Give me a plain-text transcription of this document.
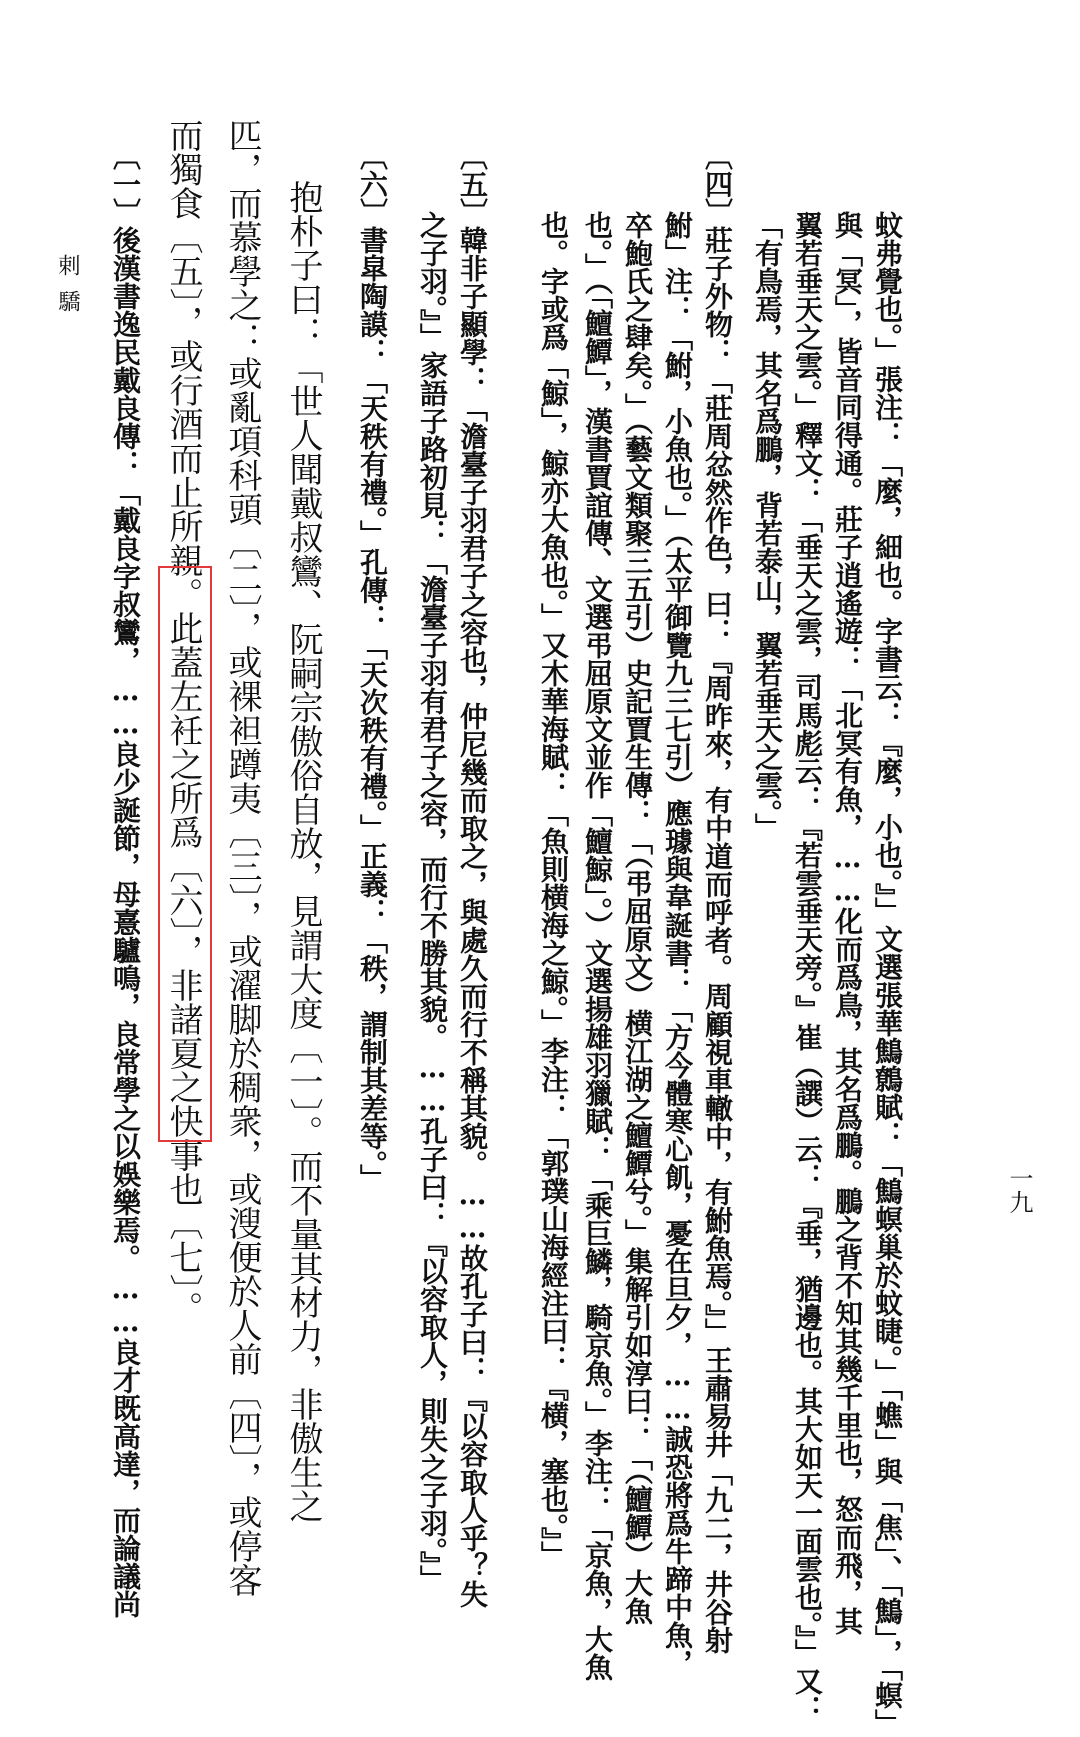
剌驕
一九
蚊弗覺也。」張注：「麼，細也。字書云：『麼，小也。』」文選張華鷦鷯賦：「鷦螟巢於蚊睫。」「蟭」與「焦」、「鷦」，「螟」
與「冥」，皆音同得通。莊子逍遙遊：「北冥有魚，……化而爲鳥，其名爲鵬。鵬之背不知其幾千里也，怒而飛，其
翼若垂天之雲。」釋文：「垂天之雲，司馬彪云：『若雲垂天旁。』崔（譔）云：『垂，猶邊也。其大如天一面雲也。』」又：
「有鳥焉，其名爲鵬，背若泰山，翼若垂天之雲。」
〔四〕莊子外物：「莊周忿然作色，曰：『周昨來，有中道而呼者。周顧視車轍中，有鮒魚焉。』」王肅易井「九二，井谷射
鮒」注：「鮒，小魚也。」（太平御覽九三七引）應璩與韋誕書：「方今體寒心飢，憂在旦夕，……誠恐將爲牛蹄中魚，
卒鮑氏之肆矣。」（藝文類聚三五引）史記賈生傳：「（弔屈原文）横江湖之鱣鱏兮。」集解引如淳曰：「（鱣鱏）大魚
也。」（「鱣鱏」，漢書賈誼傳、文選弔屈原文並作「鱣鯨」。）文選揚雄羽獵賦：「乘巨鱗，騎京魚。」李注：「京魚，大魚
也。字或爲「鯨」，鯨亦大魚也。」又木華海賦：「魚則横海之鯨。」李注：「郭璞山海經注曰：『横，塞也。』」
〔五〕韓非子顯學：「澹臺子羽君子之容也，仲尼幾而取之，與處久而行不稱其貌。……故孔子曰：『以容取人乎？失
之子羽。』」家語子路初見：「澹臺子羽有君子之容，而行不勝其貌。……孔子曰：『以容取人，則失之子羽。』」
〔六〕書皐陶謨：「天秩有禮。」孔傳：「天次秩有禮。」正義：「秩，謂制其差等。」
抱朴子曰：「世人聞戴叔鸞、阮嗣宗傲俗自放，見謂大度〔一〕。而不量其材力，非傲生之
匹，而慕學之：或亂項科頭〔二〕，或裸袒蹲夷〔三〕，或濯脚於稠衆，或溲便於人前〔四〕，或停客
而獨食〔五〕，或行酒而止所親。此蓋左衽之所爲〔六〕，非諸夏之快事也〔七〕。
〔一〕後漢書逸民戴良傳：「戴良字叔鸞，……良少誕節，母憙驢鳴，良常學之以娛樂焉。……良才既高達，而論議尚
